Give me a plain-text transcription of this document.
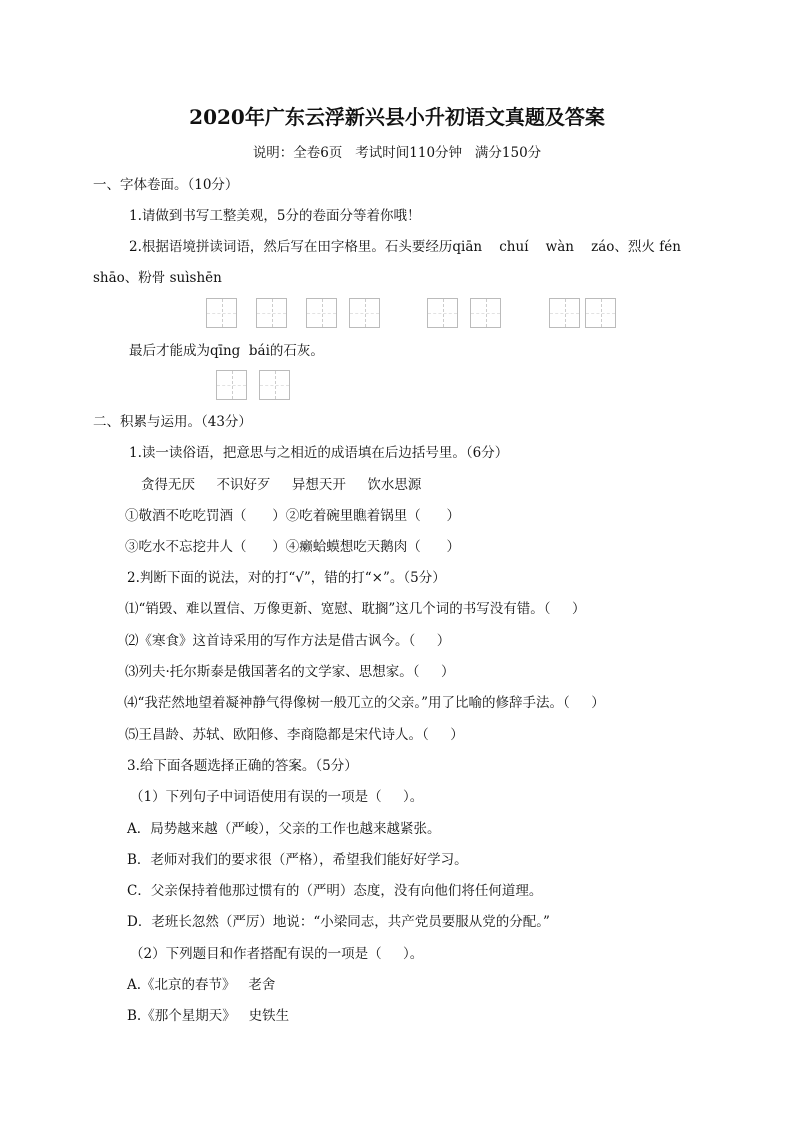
2020年广东云浮新兴县小升初语文真题及答案
说明：全卷6页   考试时间110分钟   满分150分
一、字体卷面。（10分）
1.请做到书写工整美观，5分的卷面分等着你哦！
2.根据语境拼读词语，然后写在田字格里。石头要经历qiān    chuí    wàn    záo、烈火 fén
shāo、粉骨 suìshēn
最后才能成为qīng  bái的石灰。
二、积累与运用。（43分）
1.读一读俗语，把意思与之相近的成语填在后边括号里。（6分）
贪得无厌     不识好歹     异想天开     饮水思源
①敬酒不吃吃罚酒（      ）②吃着碗里瞧着锅里（      ）
③吃水不忘挖井人（      ）④癞蛤蟆想吃天鹅肉（      ）
2.判断下面的说法，对的打“√”，错的打“×”。（5分）
⑴“销毁、难以置信、万像更新、宽慰、耽搁”这几个词的书写没有错。（     ）
⑵《寒食》这首诗采用的写作方法是借古讽今。（     ）
⑶列夫·托尔斯泰是俄国著名的文学家、思想家。（     ）
⑷“我茫然地望着凝神静气得像树一般兀立的父亲。”用了比喻的修辞手法。（     ）
⑸王昌龄、苏轼、欧阳修、李商隐都是宋代诗人。（     ）
3.给下面各题选择正确的答案。（5分）
（1）下列句子中词语使用有误的一项是（     ）。
A．局势越来越（严峻），父亲的工作也越来越紧张。
B．老师对我们的要求很（严格），希望我们能好好学习。
C．父亲保持着他那过惯有的（严明）态度，没有向他们将任何道理。
D．老班长忽然（严厉）地说：“小梁同志，共产党员要服从党的分配。”
（2）下列题目和作者搭配有误的一项是（     ）。
A.《北京的春节》   老舍
B.《那个星期天》   史铁生
